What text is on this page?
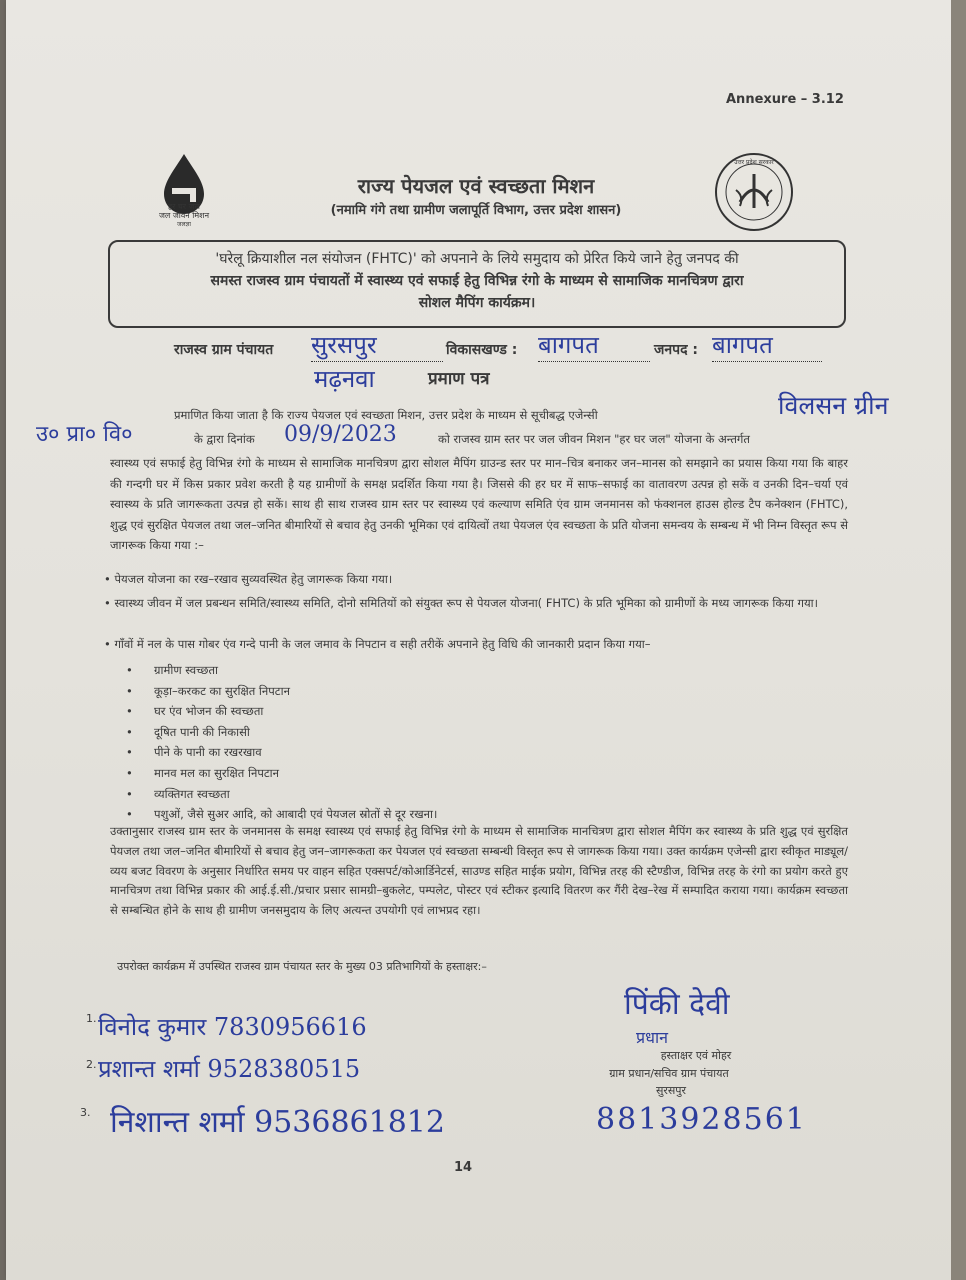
Annexure – 3.12
हर घर जल
जल जीवन मिशन
जलज्ञा
उत्तर प्रदेश सरकार
राज्य पेयजल एवं स्वच्छता मिशन
(नमामि गंगे तथा ग्रामीण जलापूर्ति विभाग, उत्तर प्रदेश शासन)
'घरेलू क्रियाशील नल संयोजन (FHTC)' को अपनाने के लिये समुदाय को प्रेरित किये जाने हेतु जनपद की
समस्त राजस्व ग्राम पंचायतों में स्वास्थ्य एवं सफाई हेतु विभिन्न रंगो के माध्यम से सामाजिक मानचित्रण द्वारा
सोशल मैपिंग कार्यक्रम।
राजस्व ग्राम पंचायत सुरसपुर	विकासखण्ड : बागपत	जनपद : बागपत
मढ़नवा	प्रमाण पत्र
प्रमाणित किया जाता है कि राज्य पेयजल एवं स्वच्छता मिशन, उत्तर प्रदेश के माध्यम से सूचीबद्ध एजेन्सी	विलसन ग्रीन
उ० प्रा० वि०	के द्वारा दिनांक 09/9/2023	को राजस्व ग्राम स्तर पर जल जीवन मिशन "हर घर जल" योजना के अन्तर्गत
स्वास्थ्य एवं सफाई हेतु विभिन्न रंगो के माध्यम से सामाजिक मानचित्रण द्वारा सोशल मैपिंग ग्राउन्ड स्तर पर मान–चित्र बनाकर जन–मानस को समझाने का प्रयास किया गया कि बाहर की गन्दगी घर में किस प्रकार प्रवेश करती है यह ग्रामीणों के समक्ष प्रदर्शित किया गया है। जिससे की हर घर में साफ–सफाई का वातावरण उत्पन्न हो सकें व उनकी दिन–चर्या एवं स्वास्थ्य के प्रति जागरूकता उत्पन्न हो सकें। साथ ही साथ राजस्व ग्राम स्तर पर स्वास्थ्य एवं कल्याण समिति एंव ग्राम जनमानस को फंक्शनल हाउस होल्ड टैप कनेक्शन (FHTC), शुद्ध एवं सुरक्षित पेयजल तथा जल–जनित बीमारियों से बचाव हेतु उनकी भूमिका एवं दायित्वों तथा पेयजल एंव स्वच्छता के प्रति योजना समन्वय के सम्बन्ध में भी निम्न विस्तृत रूप से जागरूक किया गया :–
• पेयजल योजना का रख–रखाव सुव्यवस्थित हेतु जागरूक किया गया।
• स्वास्थ्य जीवन में जल प्रबन्धन समिति/स्वास्थ्य समिति, दोनो समितियों को संयुक्त रूप से पेयजल योजना( FHTC) के प्रति भूमिका को ग्रामीणों के मध्य जागरूक किया गया।
• गाँवों में नल के पास गोबर एंव गन्दे पानी के जल जमाव के निपटान व सही तरीकें अपनाने हेतु विधि की जानकारी प्रदान किया गया–
• ग्रामीण स्वच्छता
• कूड़ा–करकट का सुरक्षित निपटान
• घर एंव भोजन की स्वच्छता
• दूषित पानी की निकासी
• पीने के पानी का रखरखाव
• मानव मल का सुरक्षित निपटान
• व्यक्तिगत स्वच्छता
• पशुओं, जैसे सुअर आदि, को आबादी एवं पेयजल स्रोतों से दूर रखना।
उक्तानुसार राजस्व ग्राम स्तर के जनमानस के समक्ष स्वास्थ्य एवं सफाई हेतु विभिन्न रंगो के माध्यम से सामाजिक मानचित्रण द्वारा सोशल मैपिंग कर स्वास्थ्य के प्रति शुद्ध एवं सुरक्षित पेयजल तथा जल–जनित बीमारियों से बचाव हेतु जन–जागरूकता कर पेयजल एवं स्वच्छता सम्बन्धी विस्तृत रूप से जागरूक किया गया। उक्त कार्यक्रम एजेन्सी द्वारा स्वीकृत माड्यूल/व्यय बजट विवरण के अनुसार निर्धारित समय पर वाहन सहित एक्सपर्ट/कोआर्डिनेटर्स, साउण्ड सहित माईक प्रयोग, विभिन्न तरह की स्टैण्डीज, विभिन्न तरह के रंगो का प्रयोग करते हुए मानचित्रण तथा विभिन्न प्रकार की आई.ई.सी./प्रचार प्रसार सामग्री–बुकलेट, पम्पलेट, पोस्टर एवं स्टीकर इत्यादि वितरण कर गैंरी देख–रेख में सम्पादित कराया गया। कार्यक्रम स्वच्छता से सम्बन्धित होने के साथ ही ग्रामीण जनसमुदाय के लिए अत्यन्त उपयोगी एवं लाभप्रद रहा।
उपरोक्त कार्यक्रम में उपस्थित राजस्व ग्राम पंचायत स्तर के मुख्य 03 प्रतिभागियों के हस्ताक्षर:–
1. विनोद कुमार 7830956616
2. प्रशान्त शर्मा 9528380515
3. निशान्त शर्मा 9536861812
पिंकी देवी
प्रधान
हस्ताक्षर एवं मोहर
ग्राम प्रधान/सचिव ग्राम पंचायत
सुरसपुर
8813928561
14
